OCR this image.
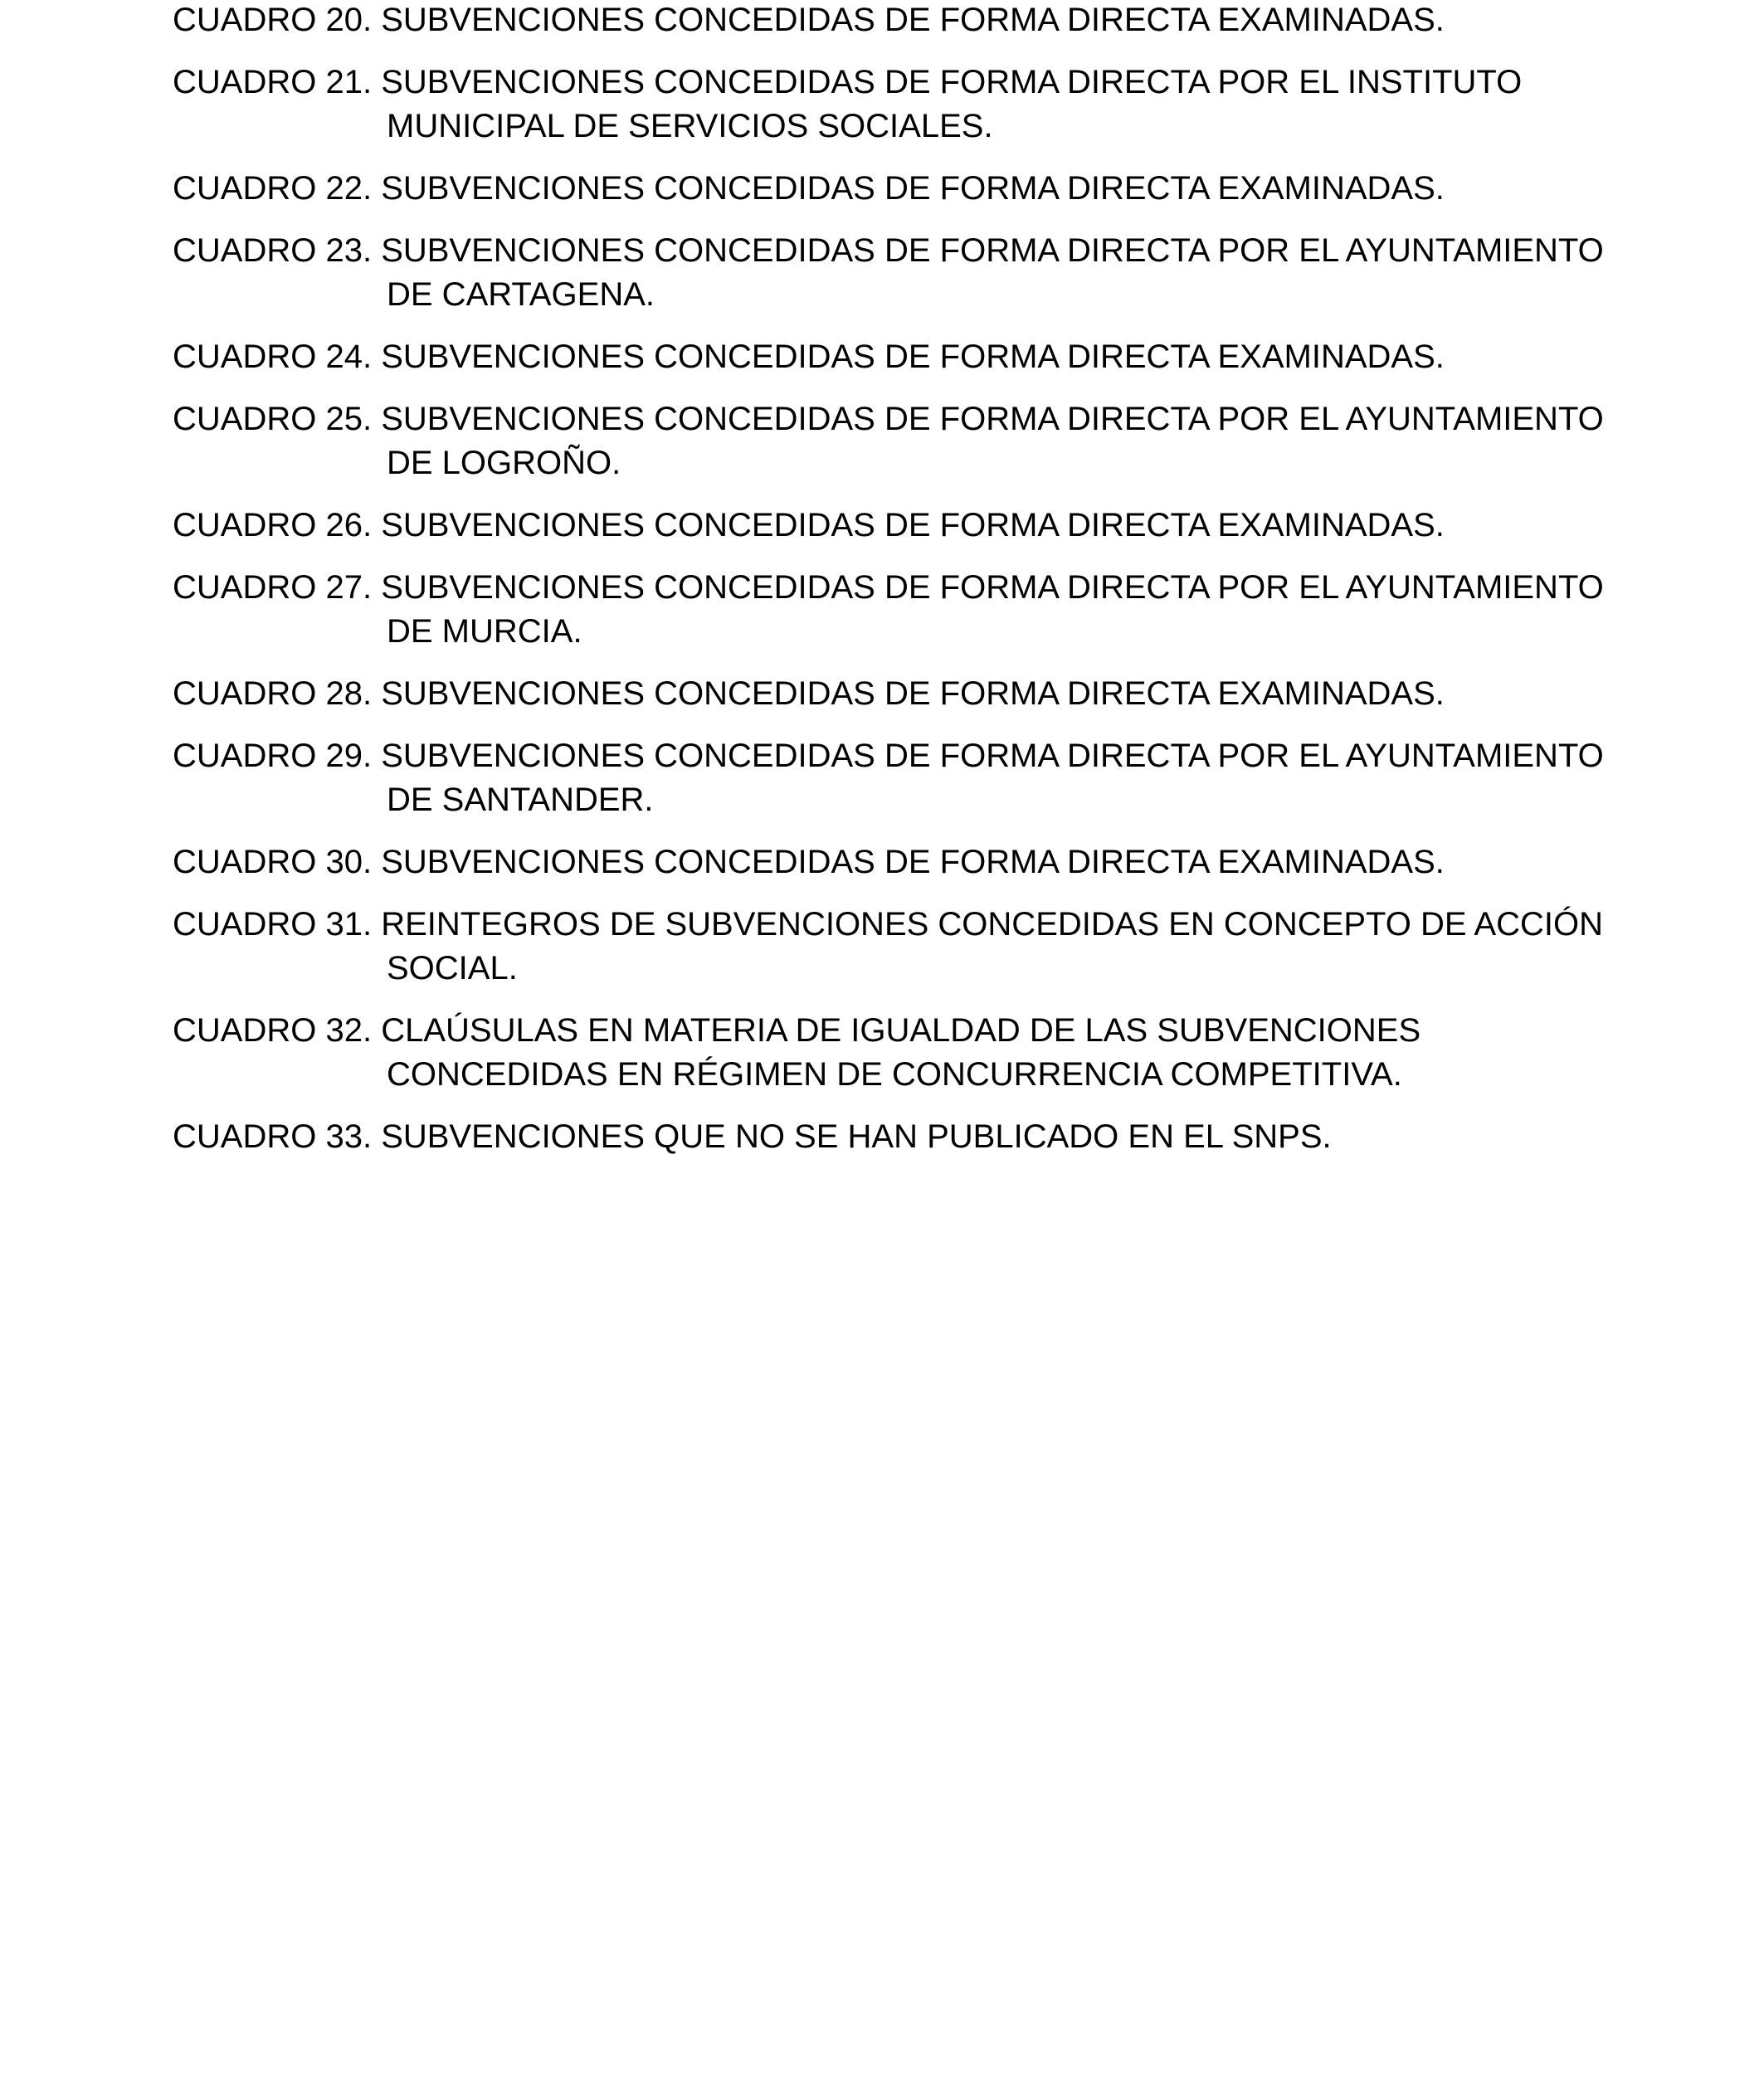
CUADRO 20. SUBVENCIONES CONCEDIDAS DE FORMA DIRECTA EXAMINADAS.
CUADRO 21. SUBVENCIONES CONCEDIDAS DE FORMA DIRECTA POR EL INSTITUTO MUNICIPAL DE SERVICIOS SOCIALES.
CUADRO 22. SUBVENCIONES CONCEDIDAS DE FORMA DIRECTA EXAMINADAS.
CUADRO 23. SUBVENCIONES CONCEDIDAS DE FORMA DIRECTA POR EL AYUNTAMIENTO DE CARTAGENA.
CUADRO 24. SUBVENCIONES CONCEDIDAS DE FORMA DIRECTA EXAMINADAS.
CUADRO 25. SUBVENCIONES CONCEDIDAS DE FORMA DIRECTA POR EL AYUNTAMIENTO DE LOGROÑO.
CUADRO 26. SUBVENCIONES CONCEDIDAS DE FORMA DIRECTA EXAMINADAS.
CUADRO 27. SUBVENCIONES CONCEDIDAS DE FORMA DIRECTA POR EL AYUNTAMIENTO DE MURCIA.
CUADRO 28. SUBVENCIONES CONCEDIDAS DE FORMA DIRECTA EXAMINADAS.
CUADRO 29. SUBVENCIONES CONCEDIDAS DE FORMA DIRECTA POR EL AYUNTAMIENTO DE SANTANDER.
CUADRO 30. SUBVENCIONES CONCEDIDAS DE FORMA DIRECTA EXAMINADAS.
CUADRO 31. REINTEGROS DE SUBVENCIONES CONCEDIDAS EN CONCEPTO DE ACCIÓN SOCIAL.
CUADRO 32. CLAÚSULAS EN MATERIA DE IGUALDAD DE LAS SUBVENCIONES CONCEDIDAS EN RÉGIMEN DE CONCURRENCIA COMPETITIVA.
CUADRO 33. SUBVENCIONES QUE NO SE HAN PUBLICADO EN EL SNPS.
